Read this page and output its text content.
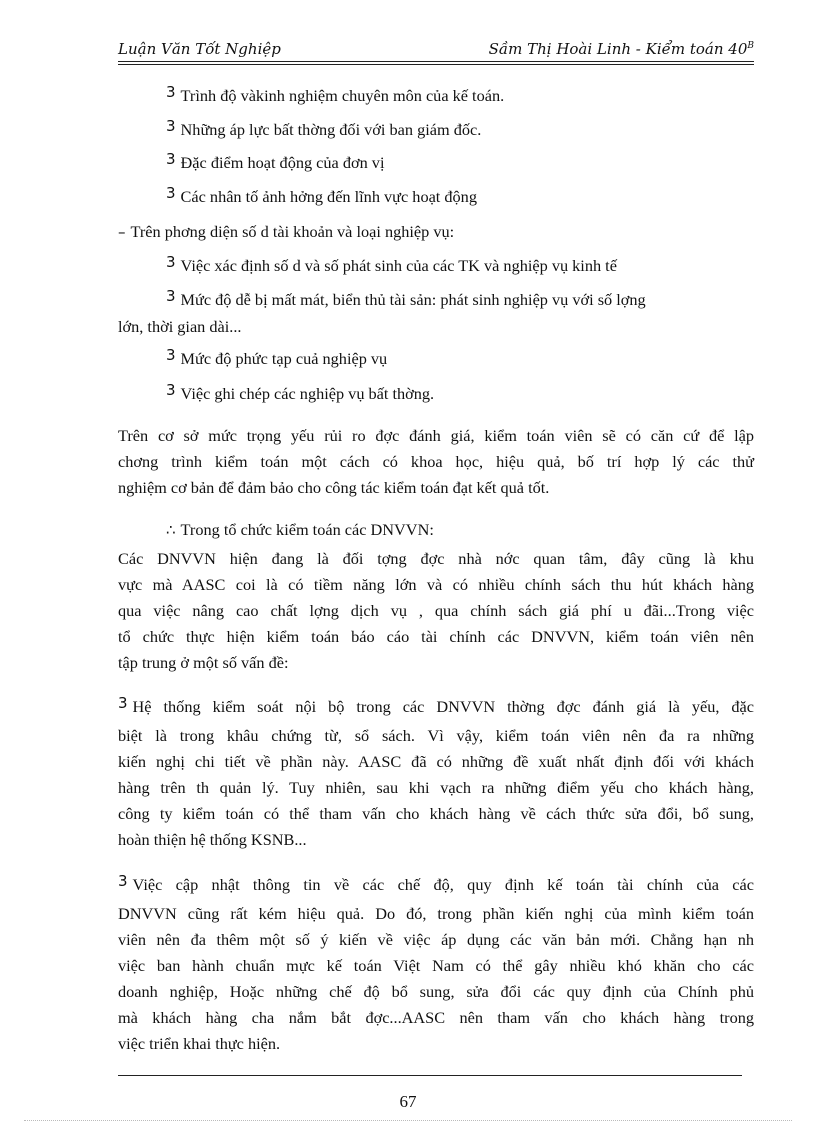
Luận Văn Tốt Nghiệp	Sầm Thị Hoài Linh - Kiểm toán $40^B$
3 Trình độ vàkinh nghiệm chuyên môn của kế toán.
3 Những áp lực bất thờng đối với ban giám đốc.
3 Đặc điểm hoạt động của đơn vị
3 Các nhân tố ảnh hởng đến lĩnh vực hoạt động
– Trên phơng diện số d tài khoản và loại nghiệp vụ:
3 Việc xác định số d và số phát sinh của các TK và nghiệp vụ kinh tế
3 Mức độ dễ bị mất mát, biển thủ tài sản: phát sinh nghiệp vụ với số lợng
lớn, thời gian dài...
3 Mức độ phức tạp cuả nghiệp vụ
3 Việc ghi chép các nghiệp vụ bất thờng.
Trên cơ sở mức trọng yếu rủi ro đợc đánh giá, kiểm toán viên sẽ có căn cứ để lập
chơng trình kiểm toán một cách có khoa học, hiệu quả, bố trí hợp lý các thử
nghiệm cơ bản để đảm bảo cho công tác kiểm toán đạt kết quả tốt.
∴ Trong tổ chức kiểm toán các DNVVN:
Các DNVVN hiện đang là đối tợng đợc nhà nớc quan tâm, đây cũng là khu
vực mà AASC coi là có tiềm năng lớn và có nhiều chính sách thu hút khách hàng
qua việc nâng cao chất lợng dịch vụ , qua chính sách giá phí u đãi...Trong việc
tổ chức thực hiện kiểm toán báo cáo tài chính các DNVVN, kiểm toán viên nên
tập trung ở một số vấn đề:
3 Hệ thống kiểm soát nội bộ trong các DNVVN thờng đợc đánh giá là yếu, đặc
biệt là trong khâu chứng từ, sổ sách. Vì vậy, kiểm toán viên nên đa ra những
kiến nghị chi tiết về phần này. AASC đã có những đề xuất nhất định đối với khách
hàng trên th quản lý. Tuy nhiên, sau khi vạch ra những điểm yếu cho khách hàng,
công ty kiểm toán có thể tham vấn cho khách hàng về cách thức sửa đổi, bổ sung,
hoàn thiện hệ thống KSNB...
3 Việc cập nhật thông tin về các chế độ, quy định kế toán tài chính của các
DNVVN cũng rất kém hiệu quả. Do đó, trong phần kiến nghị của mình kiểm toán
viên nên đa thêm một số ý kiến về việc áp dụng các văn bản mới. Chẳng hạn nh
việc ban hành chuẩn mực kế toán Việt Nam có thể gây nhiều khó khăn cho các
doanh nghiệp, Hoặc những chế độ bổ sung, sửa đổi các quy định của Chính phủ
mà khách hàng cha nắm bắt đợc...AASC nên tham vấn cho khách hàng trong
việc triển khai thực hiện.
67
